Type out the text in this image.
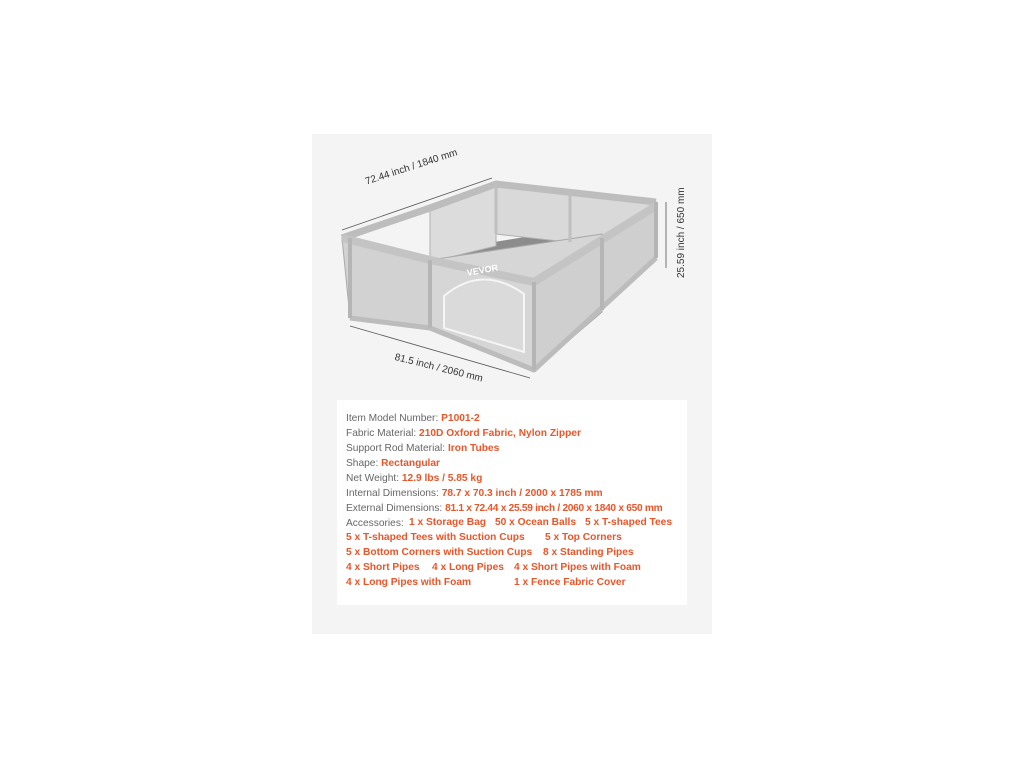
72.44 inch / 1840 mm
81.5 inch / 2060 mm
25.59 inch / 650 mm
VEVOR
Item Model Number: P1001-2
Fabric Material: 210D Oxford Fabric, Nylon Zipper
Support Rod Material: Iron Tubes
Shape: Rectangular
Net Weight: 12.9 lbs / 5.85 kg
Internal Dimensions: 78.7 x 70.3 inch / 2000 x 1785 mm
External Dimensions: 81.1 x 72.44 x 25.59 inch / 2060 x 1840 x 650 mm
Accessories: 1 x Storage Bag 50 x Ocean Balls 5 x T-shaped Tees
5 x T-shaped Tees with Suction Cups 5 x Top Corners
5 x Bottom Corners with Suction Cups 8 x Standing Pipes
4 x Short Pipes 4 x Long Pipes 4 x Short Pipes with Foam
4 x Long Pipes with Foam	1 x Fence Fabric Cover
